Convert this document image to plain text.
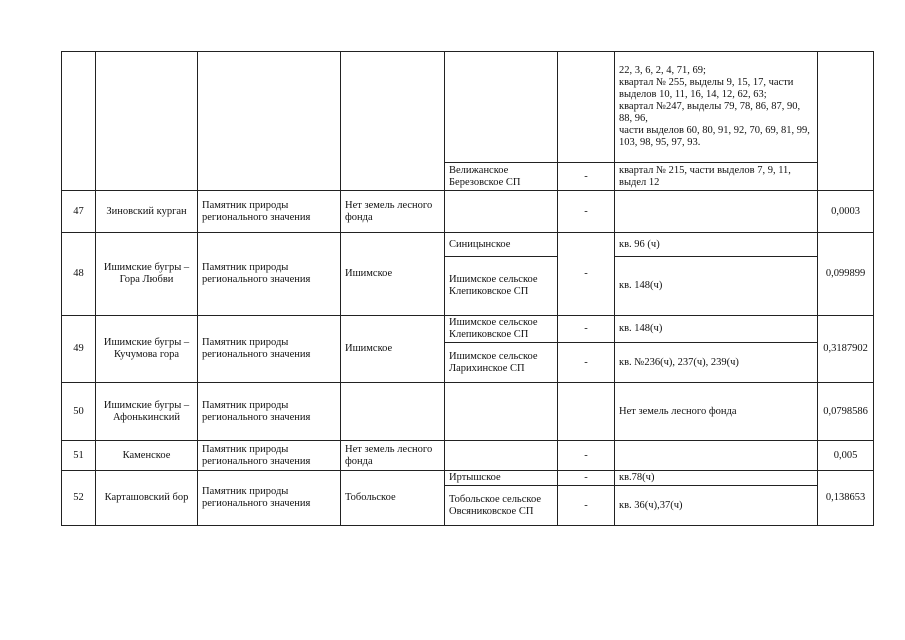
						22, 3, 6, 2, 4, 71, 69;
квартал № 255, выделы 9, 15, 17, части выделов 10, 11, 16, 14, 12, 62, 63;
квартал №247, выделы 79, 78, 86, 87, 90, 88, 96,
части выделов 60, 80, 91, 92, 70, 69, 81, 99, 103, 98, 95, 97, 93.	
				Велижанское Березовское СП	-	квартал № 215, части выделов 7, 9, 11, выдел 12	
47	Зиновский курган	Памятник природы регионального значения	Нет земель лесного фонда		-		0,0003
48	Ишимские бугры – Гора Любви	Памятник природы регионального значения	Ишимское	Синицынское	-	кв. 96 (ч)	0,099899
				Ишимское сельское Клепиковское СП		кв. 148(ч)	
49	Ишимские бугры – Кучумова гора	Памятник природы регионального значения	Ишимское	Ишимское сельское Клепиковское СП	-	кв. 148(ч)	0,3187902
				Ишимское сельское Ларихинское СП	-	кв. №236(ч), 237(ч), 239(ч)	
50	Ишимские бугры – Афонькинский	Памятник природы регионального значения				Нет земель лесного фонда	0,0798586
51	Каменское	Памятник природы регионального значения	Нет земель лесного фонда		-		0,005
52	Карташовский бор	Памятник природы регионального значения	Тобольское	Иртышское	-	кв.78(ч)	0,138653
				Тобольское сельское Овсяниковское СП	-	кв. 36(ч),37(ч)	
